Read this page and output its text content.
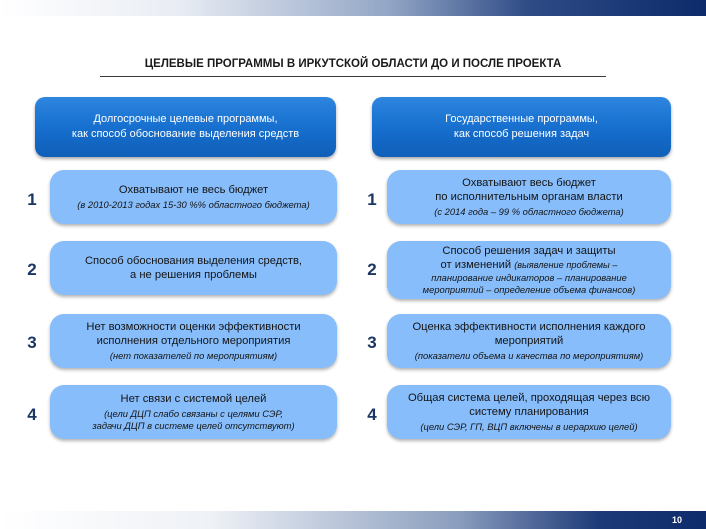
ЦЕЛЕВЫЕ ПРОГРАММЫ В ИРКУТСКОЙ ОБЛАСТИ ДО И ПОСЛЕ ПРОЕКТА
Долгосрочные целевые программы,
как способ обоснование выделения средств
Государственные программы,
как способ решения задач
1	Охватывают не весь бюджет
(в 2010-2013 годах 15-30 %% областного бюджета)
2	Способ обоснования выделения средств,
а не решения проблемы
3
Нет возможности оценки эффективности
исполнения отдельного мероприятия
(нет показателей по мероприятиям)
4
Нет связи с системой целей
(цели ДЦП слабо связаны с целями СЭР,
задачи ДЦП в системе целей отсутствуют)
1
Охватывают весь бюджет
по исполнительным органам власти
(с 2014 года – 99 % областного бюджета)
2
Способ решения задач и защиты
от изменений (выявление проблемы –
планирование индикаторов – планирование
мероприятий – определение объема финансов)
3
Оценка эффективности исполнения каждого
мероприятий
(показатели объема и качества по мероприятиям)
4
Общая система целей, проходящая через всю
систему планирования
(цели СЭР, ГП, ВЦП включены в иерархию целей)
10
